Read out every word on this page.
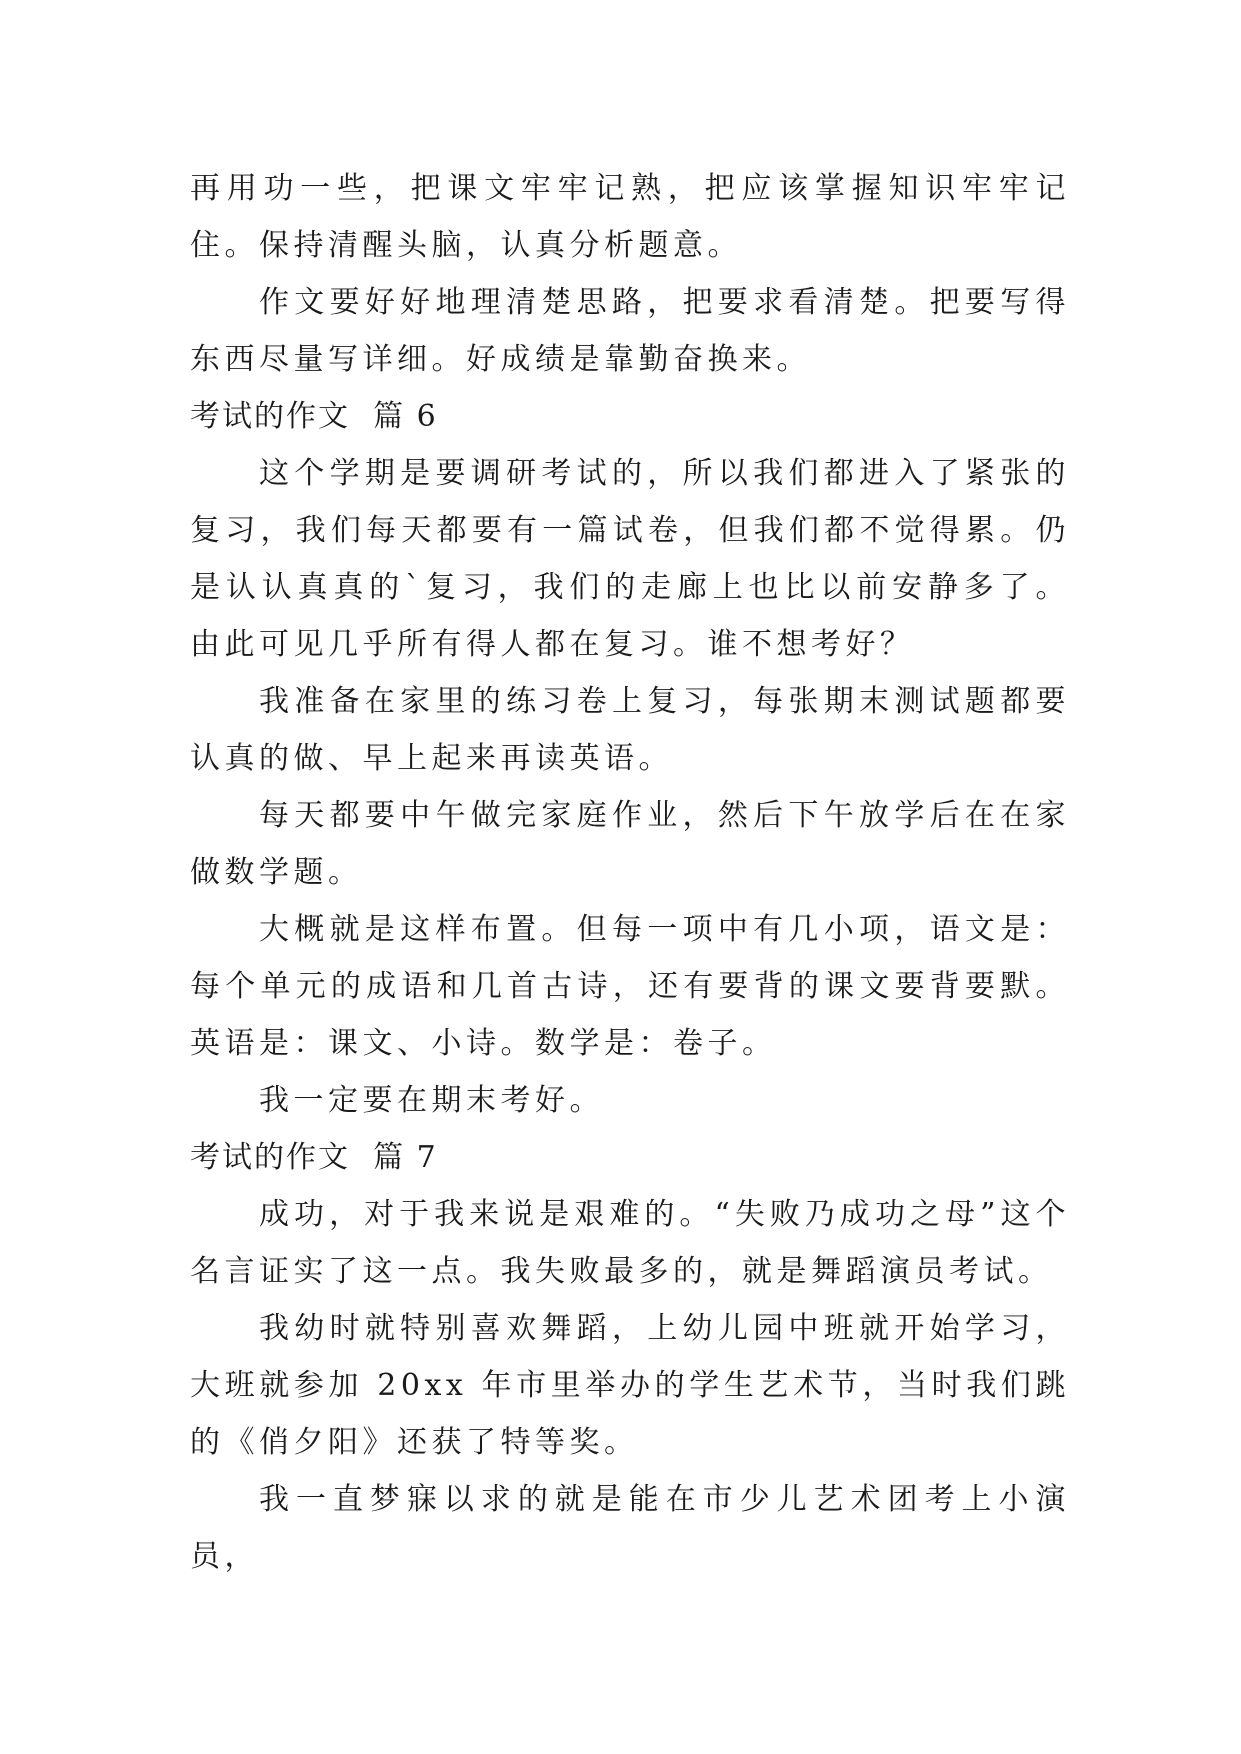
再用功一些，把课文牢牢记熟，把应该掌握知识牢牢记住。保持清醒头脑，认真分析题意。

作文要好好地理清楚思路，把要求看清楚。把要写得东西尽量写详细。好成绩是靠勤奋换来。

考试的作文  篇 6

这个学期是要调研考试的，所以我们都进入了紧张的复习，我们每天都要有一篇试卷，但我们都不觉得累。仍是认认真真的`复习，我们的走廊上也比以前安静多了。由此可见几乎所有得人都在复习。谁不想考好？

我准备在家里的练习卷上复习，每张期末测试题都要认真的做、早上起来再读英语。

每天都要中午做完家庭作业，然后下午放学后在在家做数学题。

大概就是这样布置。但每一项中有几小项，语文是：每个单元的成语和几首古诗，还有要背的课文要背要默。英语是：课文、小诗。数学是：卷子。

我一定要在期末考好。

考试的作文  篇 7

成功，对于我来说是艰难的。“失败乃成功之母”这个名言证实了这一点。我失败最多的，就是舞蹈演员考试。

我幼时就特别喜欢舞蹈，上幼儿园中班就开始学习，大班就参加 20xx 年市里举办的学生艺术节，当时我们跳的《俏夕阳》还获了特等奖。

我一直梦寐以求的就是能在市少儿艺术团考上小演员，
